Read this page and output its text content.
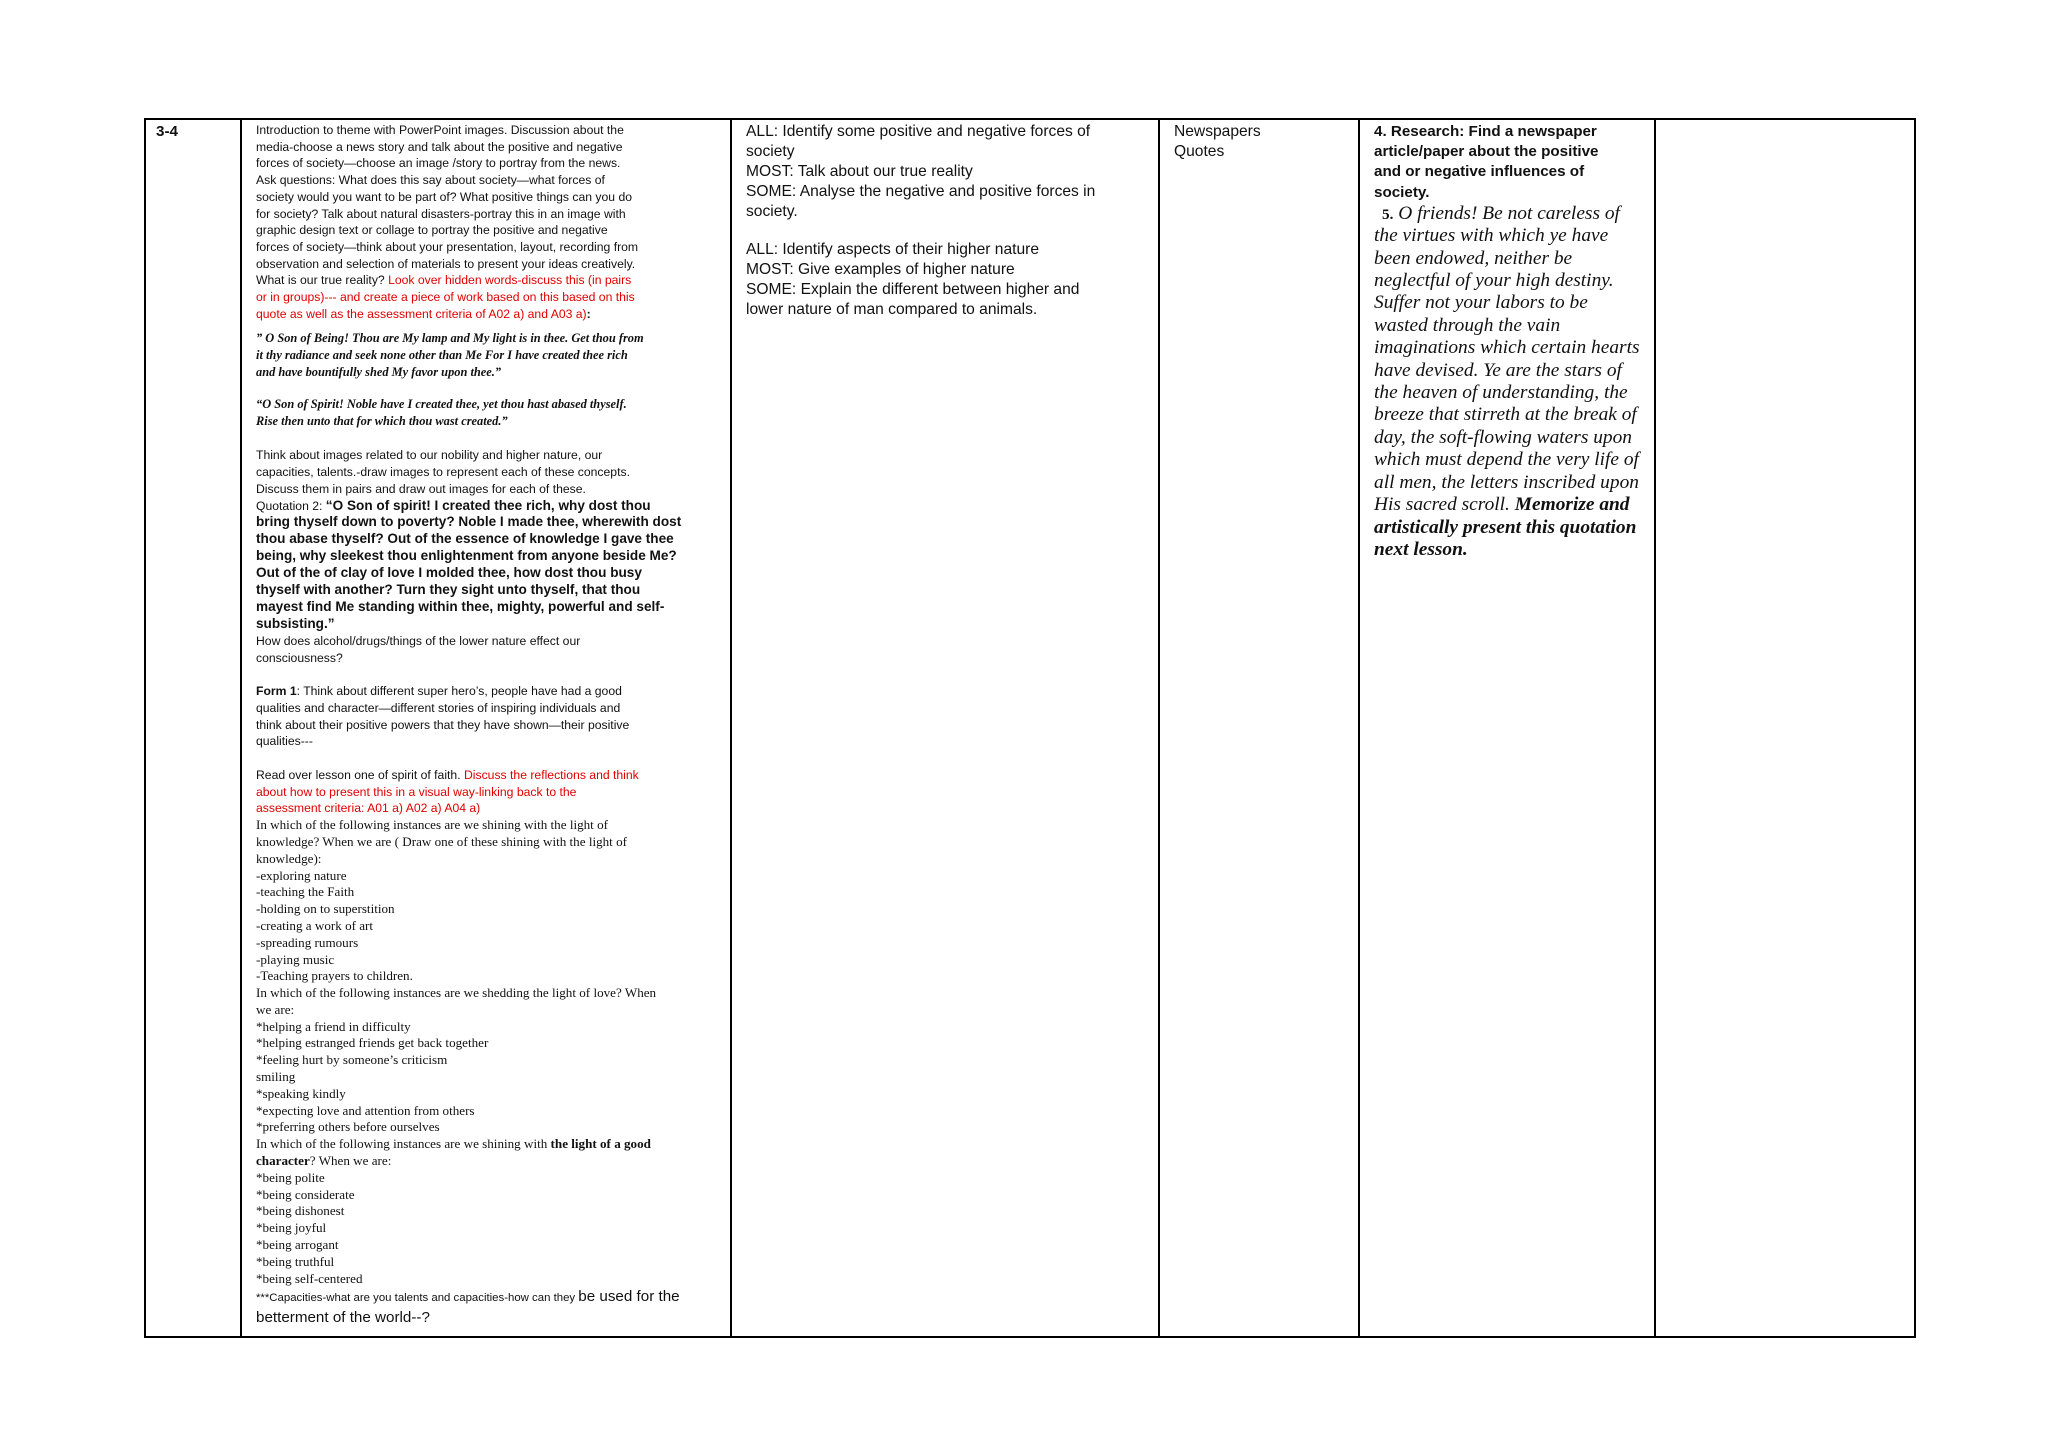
3-4	Introduction to theme with PowerPoint images. Discussion about the
media-choose a news story and talk about the positive and negative
forces of society—choose an image /story to portray from the news.
Ask questions: What does this say about society—what forces of
society would you want to be part of? What positive things can you do
for society? Talk about natural disasters-portray this in an image with
graphic design text or collage to portray the positive and negative
forces of society—think about your presentation, layout, recording from
observation and selection of materials to present your ideas creatively.
What is our true reality? Look over hidden words-discuss this (in pairs
or in groups)--- and create a piece of work based on this based on this
quote as well as the assessment criteria of A02 a) and A03 a):
” O Son of Being! Thou are My lamp and My light is in thee. Get thou from
it thy radiance and seek none other than Me For I have created thee rich
and have bountifully shed My favor upon thee.”
“O Son of Spirit! Noble have I created thee, yet thou hast abased thyself.
Rise then unto that for which thou wast created.”
Think about images related to our nobility and higher nature, our
capacities, talents.-draw images to represent each of these concepts.
Discuss them in pairs and draw out images for each of these.
Quotation 2: “O Son of spirit! I created thee rich, why dost thou
bring thyself down to poverty? Noble I made thee, wherewith dost
thou abase thyself? Out of the essence of knowledge I gave thee
being, why sleekest thou enlightenment from anyone beside Me?
Out of the of clay of love I molded thee, how dost thou busy
thyself with another? Turn they sight unto thyself, that thou
mayest find Me standing within thee, mighty, powerful and self-
subsisting.”
How does alcohol/drugs/things of the lower nature effect our
consciousness?
Form 1: Think about different super hero’s, people have had a good
qualities and character—different stories of inspiring individuals and
think about their positive powers that they have shown—their positive
qualities---
Read over lesson one of spirit of faith. Discuss the reflections and think
about how to present this in a visual way-linking back to the
assessment criteria: A01 a) A02 a) A04 a)
In which of the following instances are we shining with the light of
knowledge? When we are ( Draw one of these shining with the light of
knowledge):
-exploring nature
-teaching the Faith
-holding on to superstition
-creating a work of art
-spreading rumours
-playing music
-Teaching prayers to children.
In which of the following instances are we shedding the light of love? When
we are:
*helping a friend in difficulty
*helping estranged friends get back together
*feeling hurt by someone’s criticism
smiling
*speaking kindly
*expecting love and attention from others
*preferring others before ourselves
In which of the following instances are we shining with the light of a good
character? When we are:
*being polite
*being considerate
*being dishonest
*being joyful
*being arrogant
*being truthful
*being self-centered
***Capacities-what are you talents and capacities-how can they be used for the
betterment of the world--?
ALL: Identify some positive and negative forces of
society
MOST: Talk about our true reality
SOME: Analyse the negative and positive forces in
society.
ALL: Identify aspects of their higher nature
MOST: Give examples of higher nature
SOME: Explain the different between higher and
lower nature of man compared to animals.
Newspapers
Quotes
4. Research: Find a newspaper
article/paper about the positive
and or negative influences of
society.
5. O friends! Be not careless of
the virtues with which ye have
been endowed, neither be
neglectful of your high destiny.
Suffer not your labors to be
wasted through the vain
imaginations which certain hearts
have devised. Ye are the stars of
the heaven of understanding, the
breeze that stirreth at the break of
day, the soft-flowing waters upon
which must depend the very life of
all men, the letters inscribed upon
His sacred scroll. Memorize and
artistically present this quotation
next lesson.
